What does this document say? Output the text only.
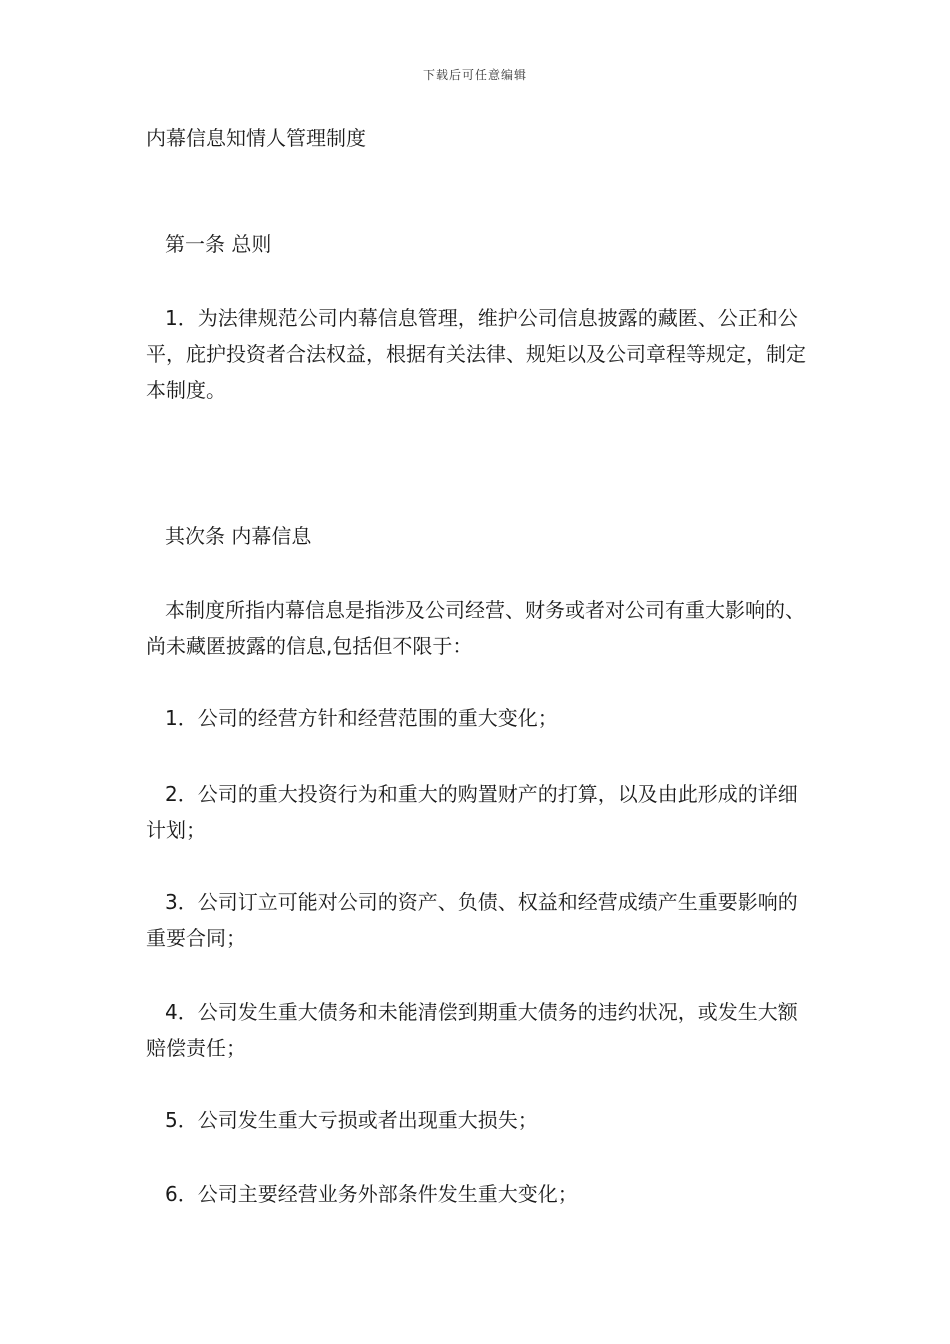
下载后可任意编辑
内幕信息知情人管理制度

第一条 总则

1．为法律规范公司内幕信息管理，维护公司信息披露的藏匿、公正和公平，庇护投资者合法权益，根据有关法律、规矩以及公司章程等规定，制定本制度。

其次条 内幕信息

本制度所指内幕信息是指涉及公司经营、财务或者对公司有重大影响的、尚未藏匿披露的信息,包括但不限于：

1．公司的经营方针和经营范围的重大变化；

2．公司的重大投资行为和重大的购置财产的打算，以及由此形成的详细计划；

3．公司订立可能对公司的资产、负债、权益和经营成绩产生重要影响的重要合同；

4．公司发生重大债务和未能清偿到期重大债务的违约状况，或发生大额赔偿责任；

5．公司发生重大亏损或者出现重大损失；

6．公司主要经营业务外部条件发生重大变化；
